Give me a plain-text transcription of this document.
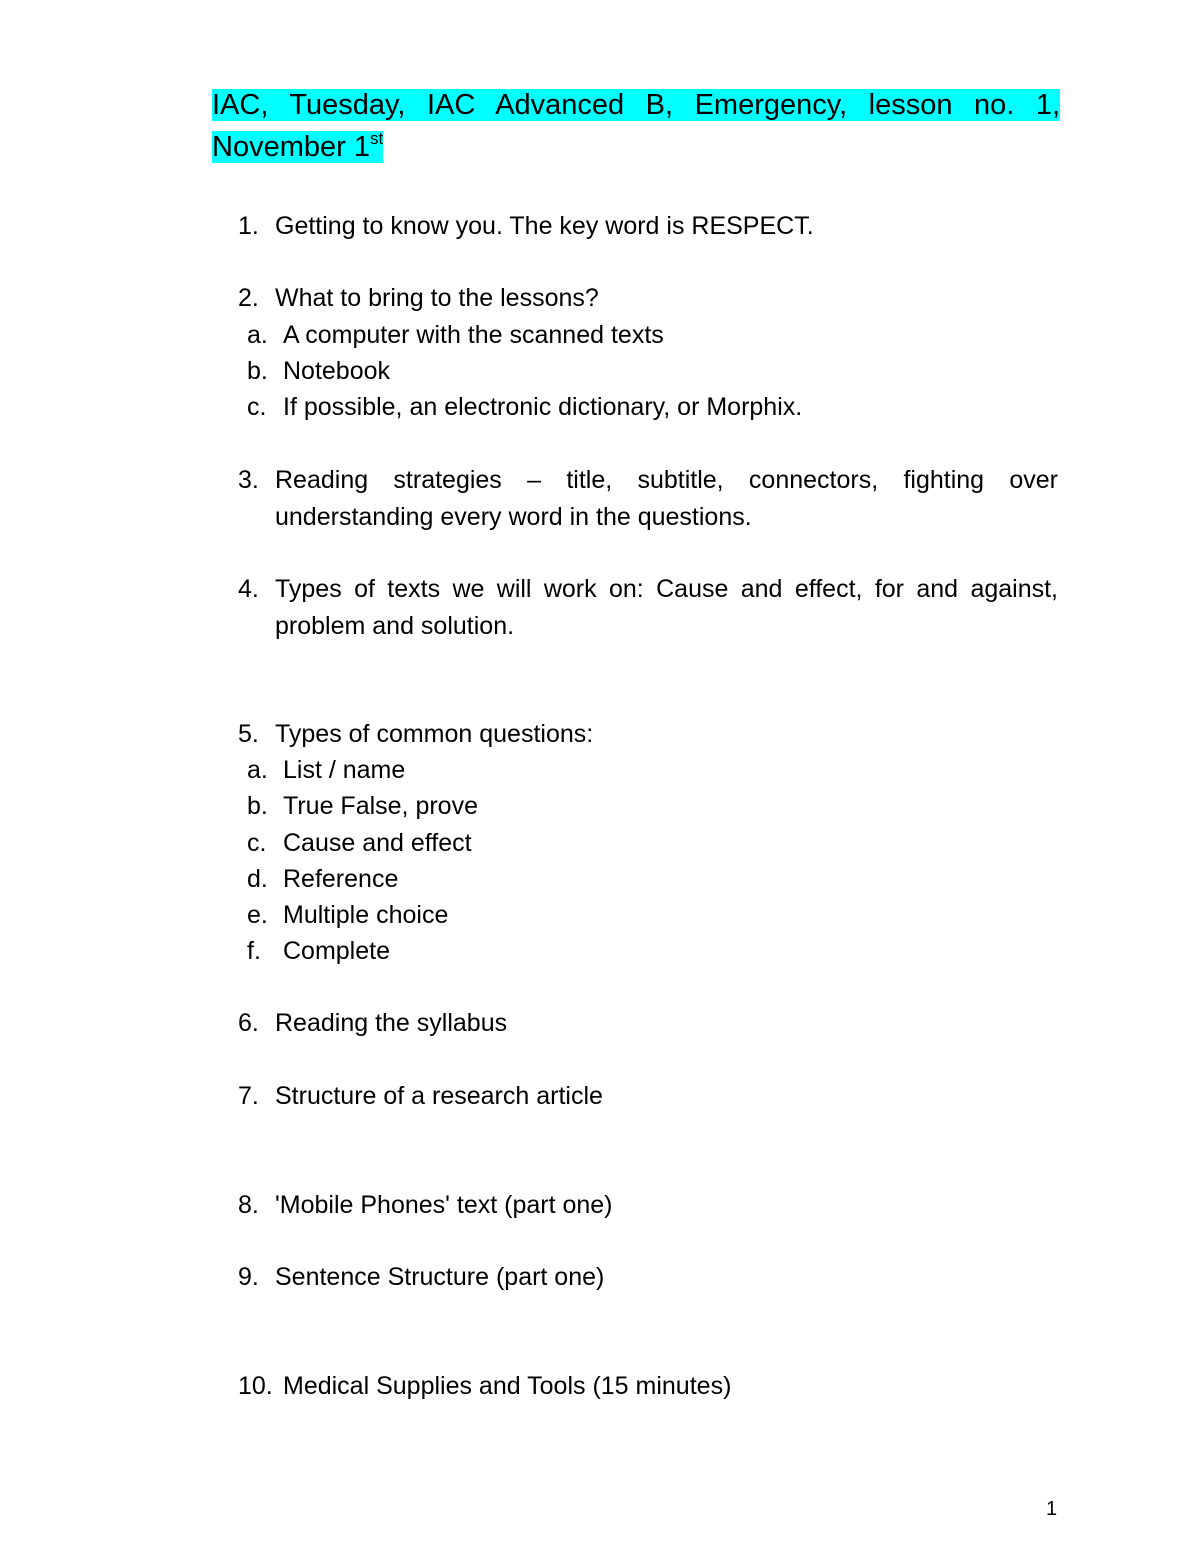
IAC, Tuesday, IAC Advanced B, Emergency, lesson no. 1, November 1st
1. Getting to know you. The key word is RESPECT.
2. What to bring to the lessons?
a. A computer with the scanned texts
b. Notebook
c. If possible, an electronic dictionary, or Morphix.
3. Reading strategies – title, subtitle, connectors, fighting over understanding every word in the questions.
4. Types of texts we will work on: Cause and effect, for and against, problem and solution.
5. Types of common questions:
a. List / name
b. True False, prove
c. Cause and effect
d. Reference
e. Multiple choice
f. Complete
6. Reading the syllabus
7. Structure of a research article
8. 'Mobile Phones' text (part one)
9. Sentence Structure (part one)
10. Medical Supplies and Tools (15 minutes)
1
